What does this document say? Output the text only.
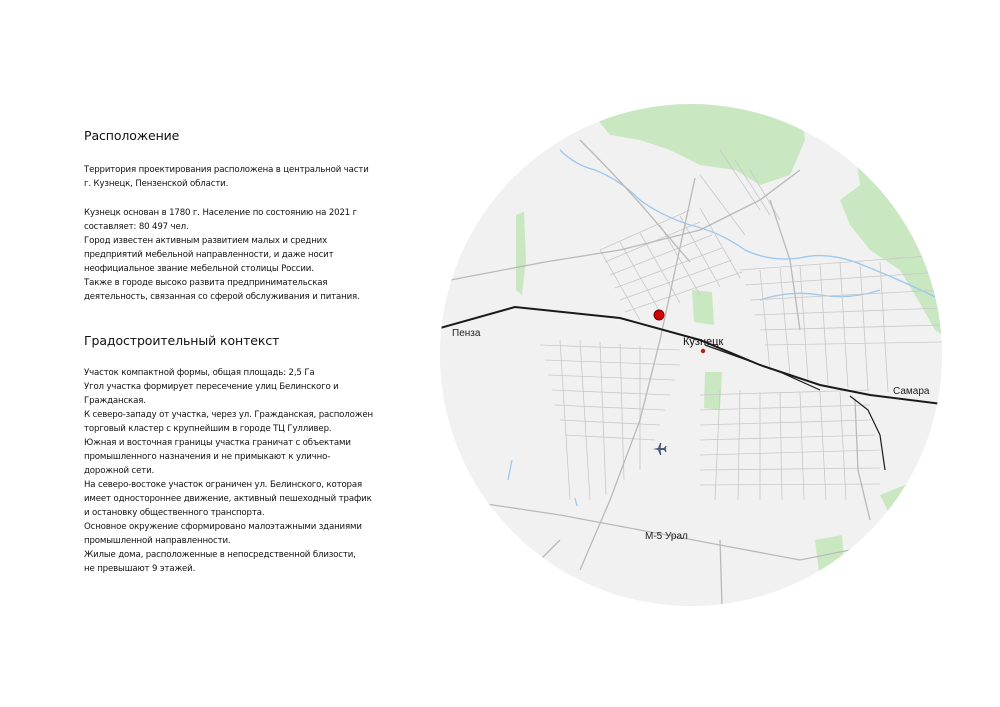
Расположение

Территория проектирования расположена в центральной части
г. Кузнецк, Пензенской области.

Кузнецк основан в 1780 г. Население по состоянию на 2021 г
составляет: 80 497 чел.
Город известен активным развитием малых и средних
предприятий мебельной направленности, и даже носит
неофициальное звание мебельной столицы России.
Также в городе высоко развита предпринимательская
деятельность, связанная со сферой обслуживания и питания.

Градостроительный контекст

Участок компактной формы, общая площадь: 2,5 Га
Угол участка формирует пересечение улиц Белинского и
Гражданская.
К северо-западу от участка, через ул. Гражданская, расположен
торговый кластер с крупнейшим в городе ТЦ Гулливер.
Южная и восточная границы участка граничат с объектами
промышленного назначения и не примыкают к улично-
дорожной сети.
На северо-востоке участок ограничен ул. Белинского, которая
имеет одностороннее движение, активный пешеходный трафик
и остановку общественного транспорта.
Основное окружение сформировано малоэтажными зданиями
промышленной направленности.
Жилые дома, расположенные в непосредственной близости,
не превышают 9 этажей.

Пенза
Кузнецк
Самара
М-5 Урал
